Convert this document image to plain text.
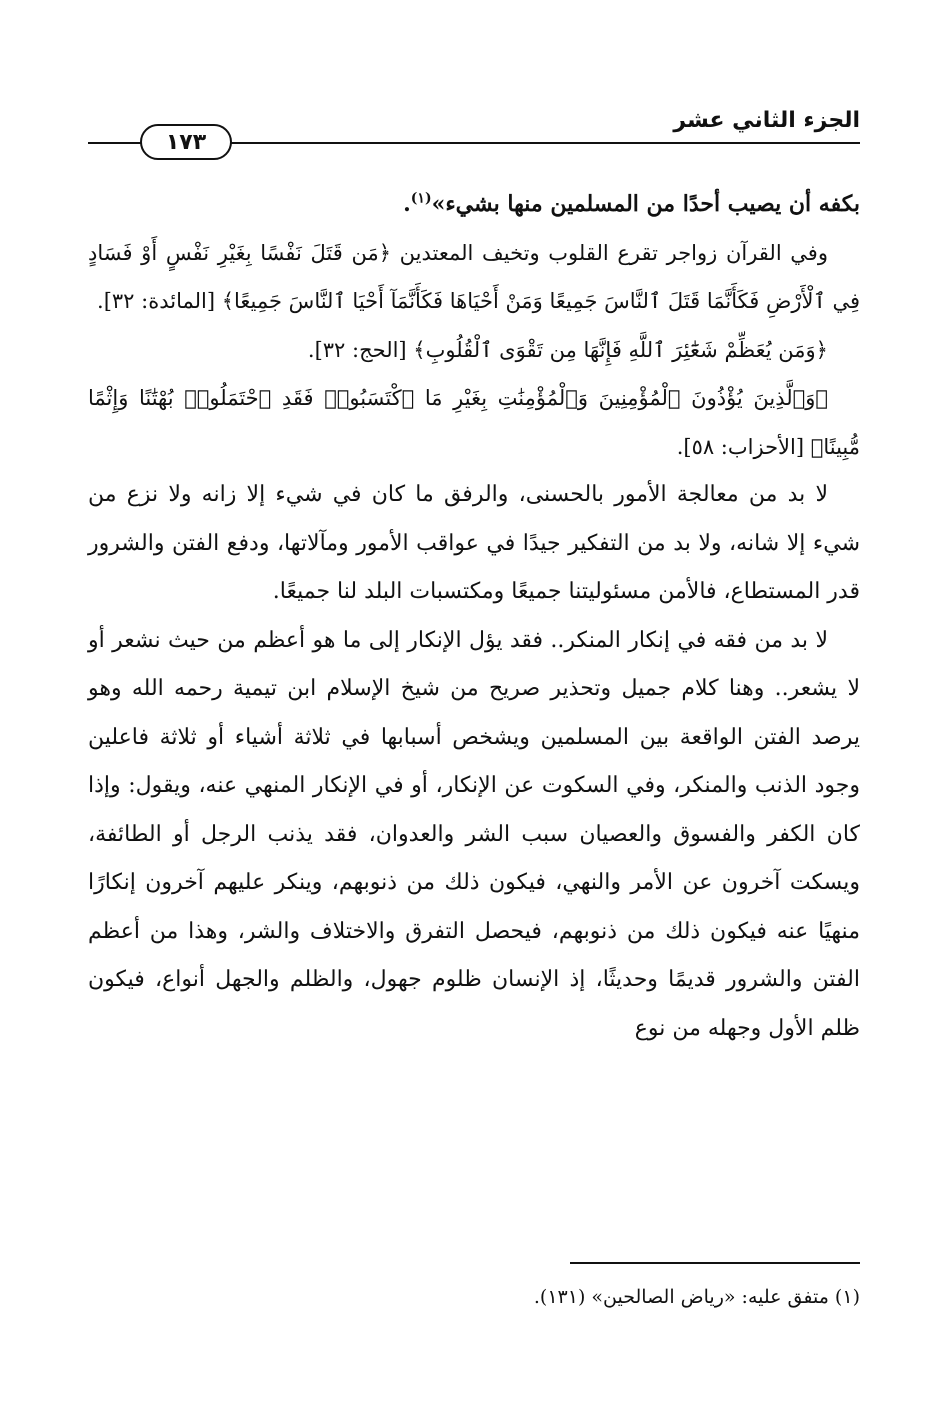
الجزء الثاني عشر
١٧٣

بكفه أن يصيب أحدًا من المسلمين منها بشيء»$^{(١)}$.

وفي القرآن زواجر تقرع القلوب وتخيف المعتدين ﴿مَن قَتَلَ نَفْسًا بِغَيْرِ نَفْسٍ أَوْ فَسَادٍ فِي ٱلْأَرْضِ فَكَأَنَّمَا قَتَلَ ٱلنَّاسَ جَمِيعًا وَمَنْ أَحْيَاهَا فَكَأَنَّمَآ أَحْيَا ٱلنَّاسَ جَمِيعًا﴾ [المائدة: ٣٢].

﴿وَمَن يُعَظِّمْ شَعَٰٓئِرَ ٱللَّهِ فَإِنَّهَا مِن تَقْوَى ٱلْقُلُوبِ﴾ [الحج: ٣٢].

﴿وَٱلَّذِينَ يُؤْذُونَ ٱلْمُؤْمِنِينَ وَٱلْمُؤْمِنَٰتِ بِغَيْرِ مَا ٱكْتَسَبُوا۟ فَقَدِ ٱحْتَمَلُوا۟ بُهْتَٰنًا وَإِثْمًا مُّبِينًا﴾ [الأحزاب: ٥٨].

لا بد من معالجة الأمور بالحسنى، والرفق ما كان في شيء إلا زانه ولا نزع من شيء إلا شانه، ولا بد من التفكير جيدًا في عواقب الأمور ومآلاتها، ودفع الفتن والشرور قدر المستطاع، فالأمن مسئوليتنا جميعًا ومكتسبات البلد لنا جميعًا.

لا بد من فقه في إنكار المنكر.. فقد يؤل الإنكار إلى ما هو أعظم من حيث نشعر أو لا يشعر.. وهنا كلام جميل وتحذير صريح من شيخ الإسلام ابن تيمية رحمه الله وهو يرصد الفتن الواقعة بين المسلمين ويشخص أسبابها في ثلاثة أشياء أو ثلاثة فاعلين وجود الذنب والمنكر، وفي السكوت عن الإنكار، أو في الإنكار المنهي عنه، ويقول: وإذا كان الكفر والفسوق والعصيان سبب الشر والعدوان، فقد يذنب الرجل أو الطائفة، ويسكت آخرون عن الأمر والنهي، فيكون ذلك من ذنوبهم، وينكر عليهم آخرون إنكارًا منهيًا عنه فيكون ذلك من ذنوبهم، فيحصل التفرق والاختلاف والشر، وهذا من أعظم الفتن والشرور قديمًا وحديثًا، إذ الإنسان ظلوم جهول، والظلم والجهل أنواع، فيكون ظلم الأول وجهله من نوع

(١) متفق عليه: «رياض الصالحين» (١٣١).
